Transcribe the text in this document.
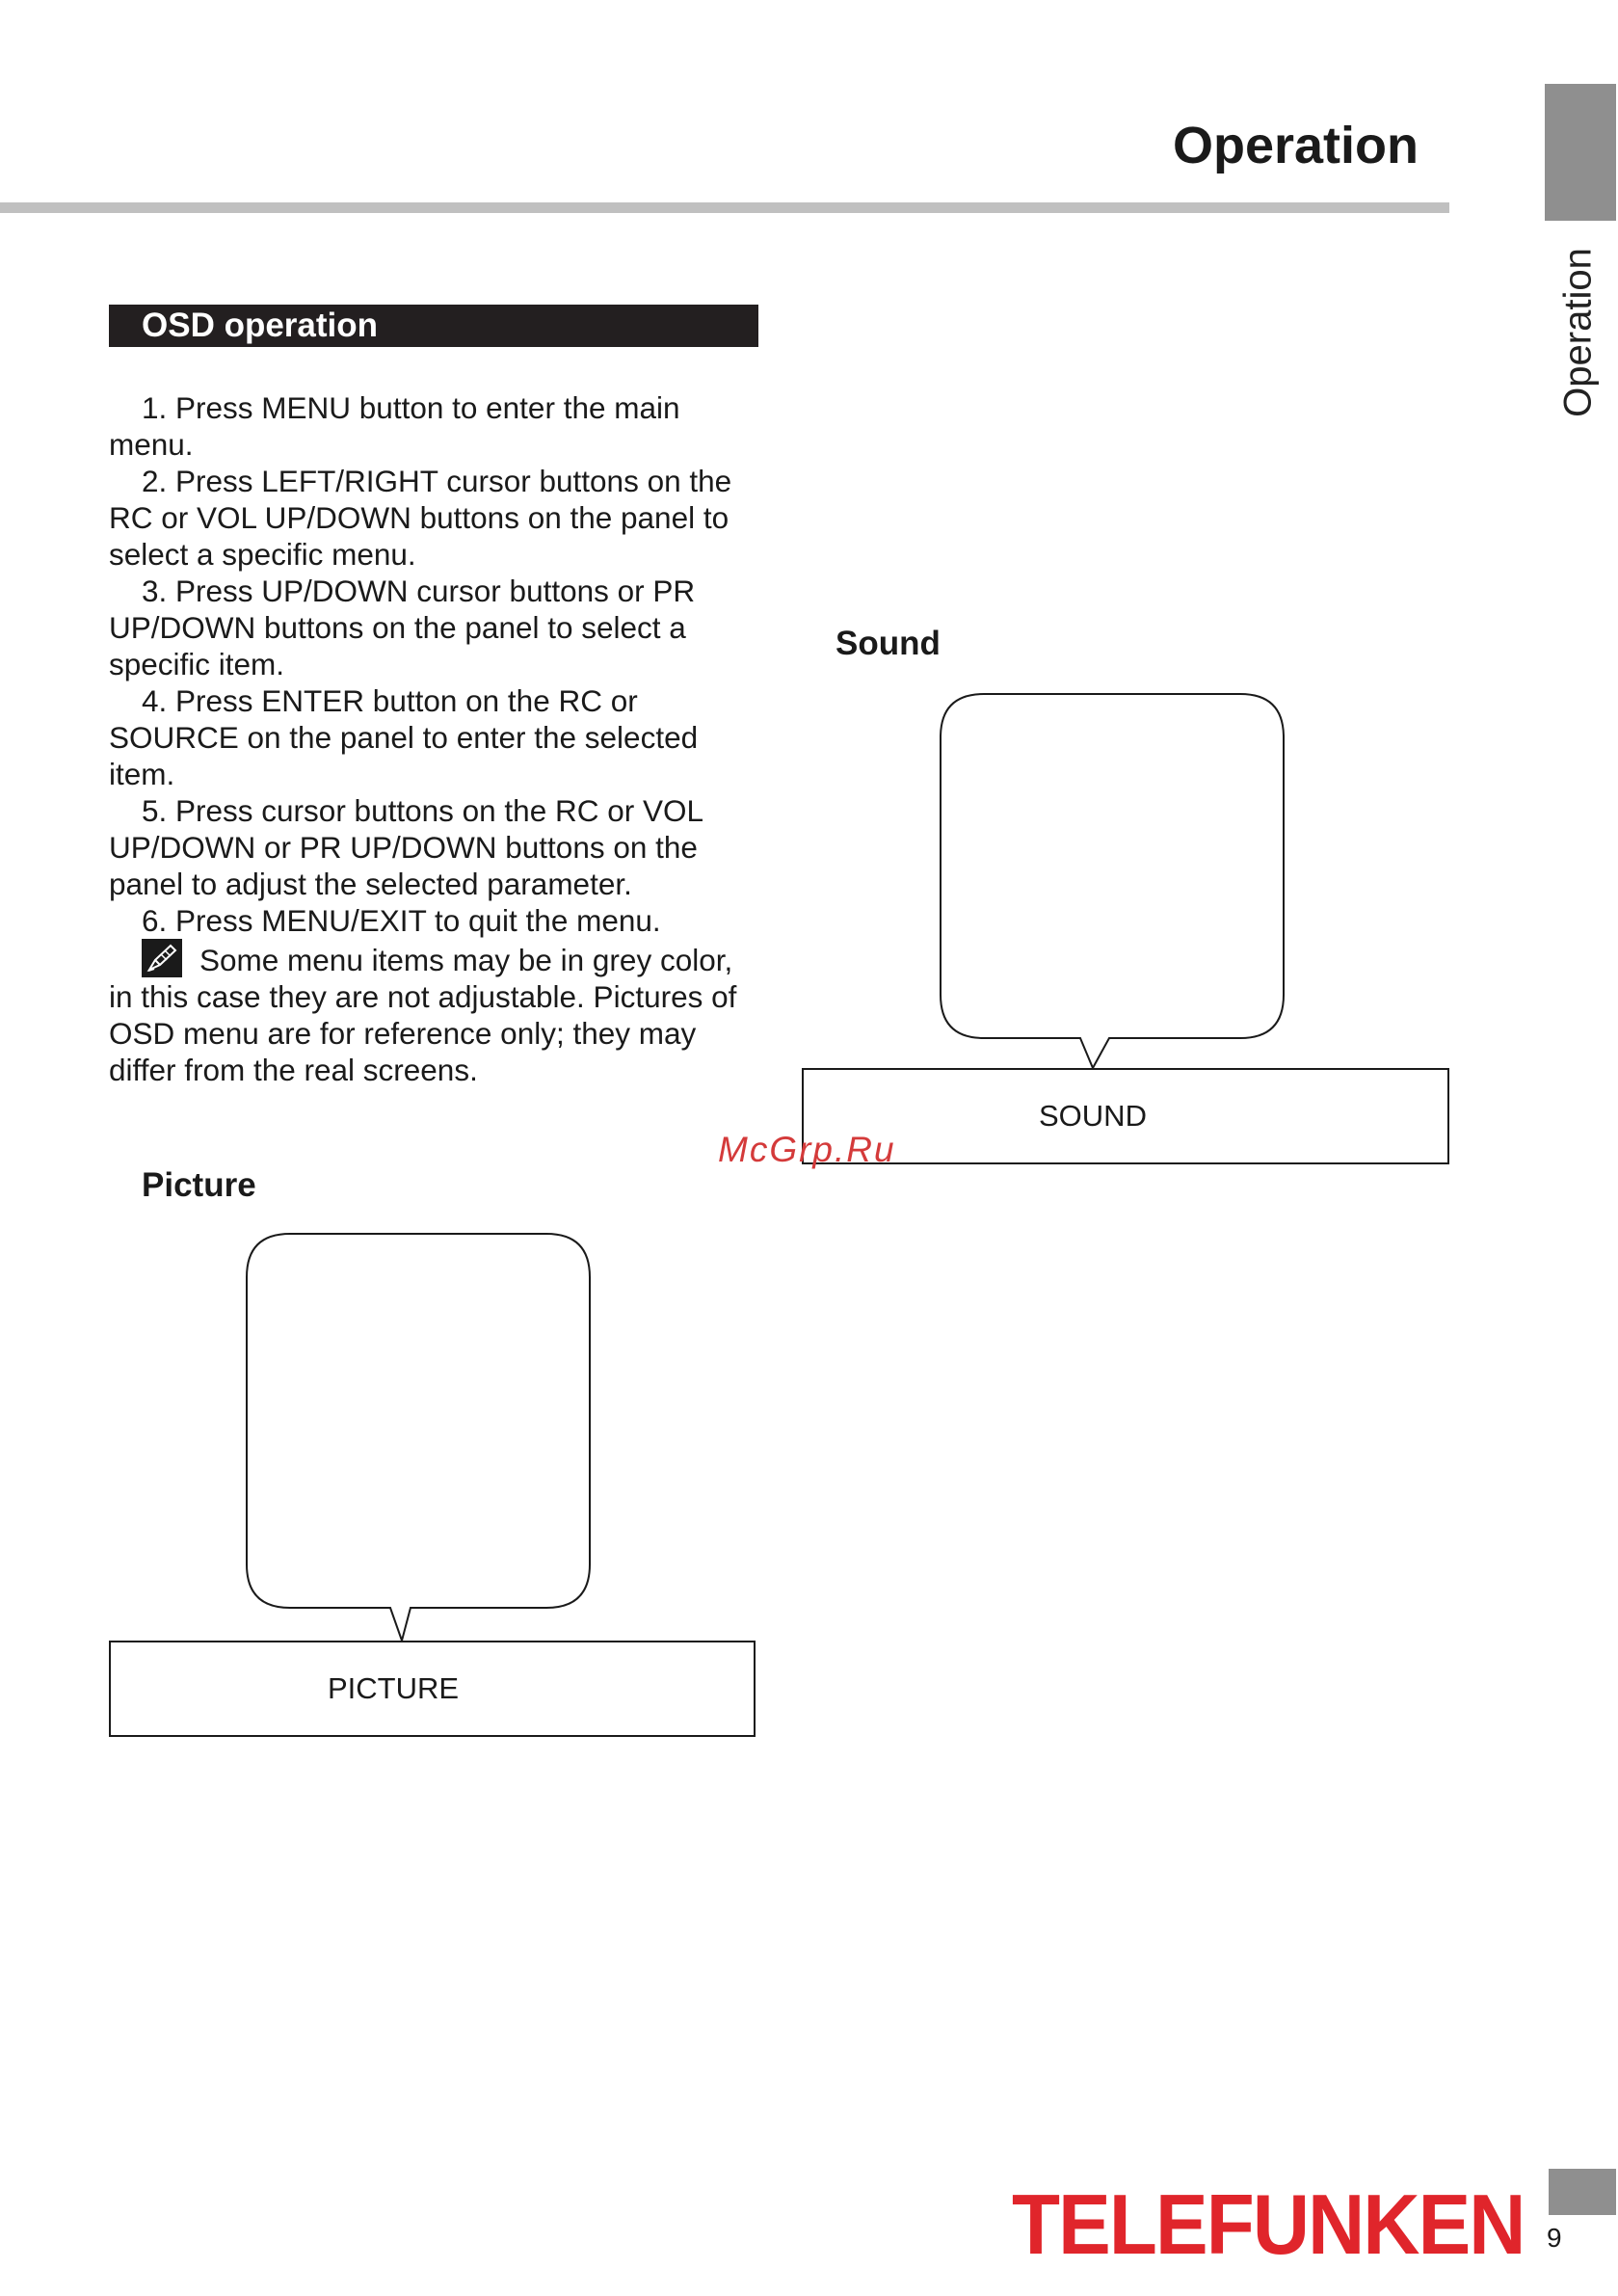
Operation
Operation
OSD operation

1. Press MENU button to enter the main menu.

2. Press LEFT/RIGHT cursor buttons on the RC or VOL UP/DOWN buttons on the panel to select a specific menu.

3. Press UP/DOWN cursor buttons or PR UP/DOWN buttons on the panel to select a specific item.

4. Press ENTER button on the RC or SOURCE on the panel to enter the selected item.

5. Press cursor buttons on the RC or VOL UP/DOWN or PR UP/DOWN buttons on the panel to adjust the selected parameter.

6. Press MENU/EXIT to quit the menu.

Some menu items may be in grey color, in this case they are not adjustable. Pictures of OSD menu are for reference only; they may differ from the real screens.

Picture
PICTURE
Sound
SOUND
McGrp.Ru
TELEFUNKEN 9
